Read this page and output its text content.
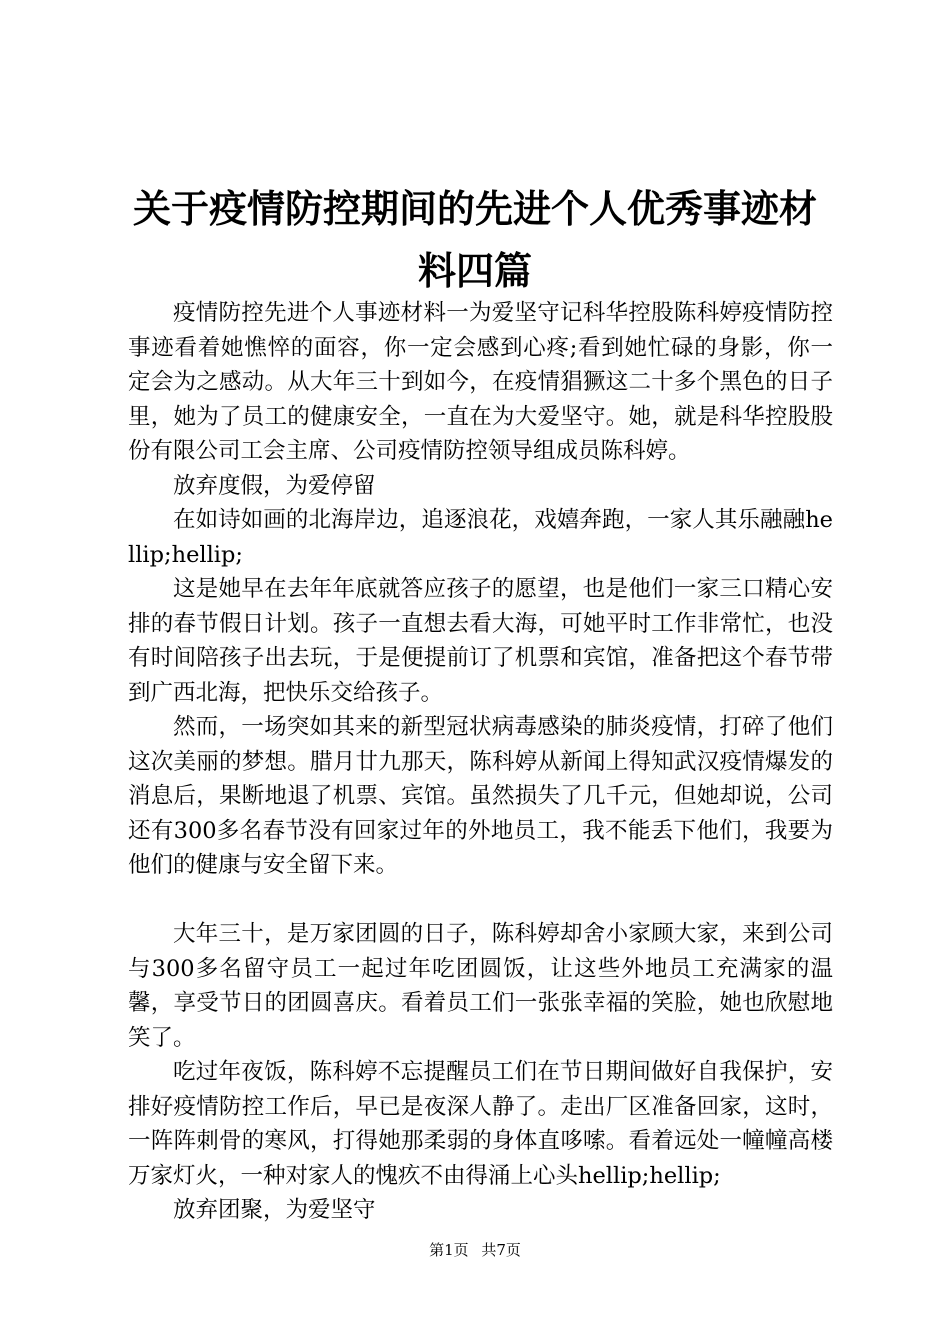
关于疫情防控期间的先进个人优秀事迹材料四篇

疫情防控先进个人事迹材料一为爱坚守记科华控股陈科婷疫情防控事迹看着她憔悴的面容，你一定会感到心疼;看到她忙碌的身影，你一定会为之感动。从大年三十到如今，在疫情猖獗这二十多个黑色的日子里，她为了员工的健康安全，一直在为大爱坚守。她，就是科华控股股份有限公司工会主席、公司疫情防控领导组成员陈科婷。

放弃度假，为爱停留

在如诗如画的北海岸边，追逐浪花，戏嬉奔跑，一家人其乐融融hellip;hellip;

这是她早在去年年底就答应孩子的愿望，也是他们一家三口精心安排的春节假日计划。孩子一直想去看大海，可她平时工作非常忙，也没有时间陪孩子出去玩，于是便提前订了机票和宾馆，准备把这个春节带到广西北海，把快乐交给孩子。

然而，一场突如其来的新型冠状病毒感染的肺炎疫情，打碎了他们这次美丽的梦想。腊月廿九那天，陈科婷从新闻上得知武汉疫情爆发的消息后，果断地退了机票、宾馆。虽然损失了几千元，但她却说，公司还有300多名春节没有回家过年的外地员工，我不能丢下他们，我要为他们的健康与安全留下来。

大年三十，是万家团圆的日子，陈科婷却舍小家顾大家，来到公司与300多名留守员工一起过年吃团圆饭，让这些外地员工充满家的温馨，享受节日的团圆喜庆。看着员工们一张张幸福的笑脸，她也欣慰地笑了。

吃过年夜饭，陈科婷不忘提醒员工们在节日期间做好自我保护，安排好疫情防控工作后，早已是夜深人静了。走出厂区准备回家，这时，一阵阵刺骨的寒风，打得她那柔弱的身体直哆嗦。看着远处一幢幢高楼万家灯火，一种对家人的愧疚不由得涌上心头hellip;hellip;

放弃团聚，为爱坚守

第1页 共7页
